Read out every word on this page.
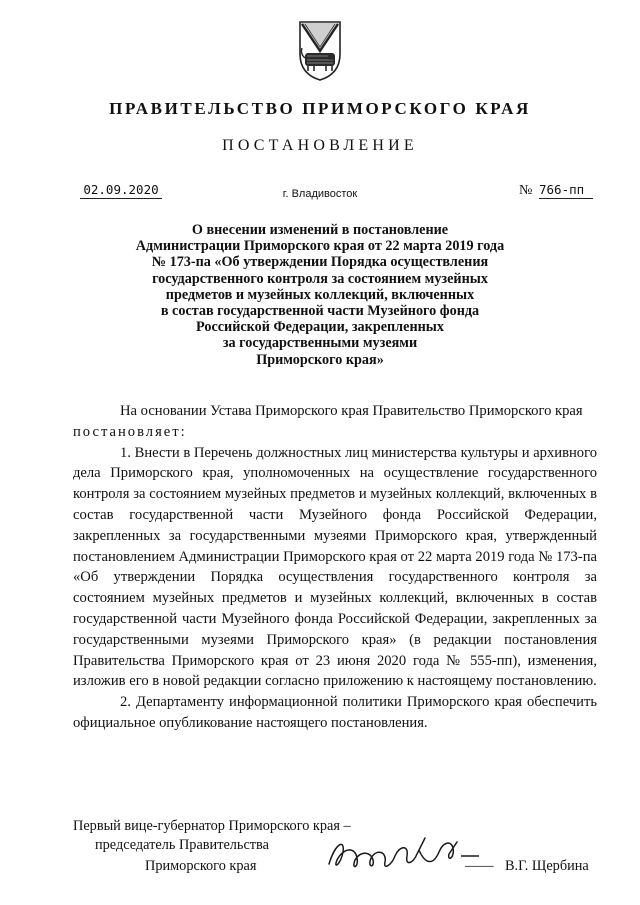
ПРАВИТЕЛЬСТВО ПРИМОРСКОГО КРАЯ
ПОСТАНОВЛЕНИЕ
02.09.2020	г. Владивосток	№ 766-пп
О внесении изменений в постановление
Администрации Приморского края от 22 марта 2019 года
№ 173-па «Об утверждении Порядка осуществления
государственного контроля за состоянием музейных
предметов и музейных коллекций, включенных
в состав государственной части Музейного фонда
Российской Федерации, закрепленных
за государственными музеями
Приморского края»

На основании Устава Приморского края Правительство Приморского края

постановляет:

1. Внести в Перечень должностных лиц министерства культуры и архивного дела Приморского края, уполномоченных на осуществление государственного контроля за состоянием музейных предметов и музейных коллекций, включенных в состав государственной части Музейного фонда Российской Федерации, закрепленных за государственными музеями Приморского края, утвержденный постановлением Администрации Приморского края от 22 марта 2019 года № 173-па «Об утверждении Порядка осуществления государственного контроля за состоянием музейных предметов и музейных коллекций, включенных в состав государственной части Музейного фонда Российской Федерации, закрепленных за государственными музеями Приморского края» (в редакции постановления Правительства Приморского края от 23 июня 2020 года № 555-пп), изменения, изложив его в новой редакции согласно приложению к настоящему постановлению.

2. Департаменту информационной политики Приморского края обеспечить официальное опубликование настоящего постановления.

Первый вице-губернатор Приморского края –
председатель Правительства
Приморского края	—— В.Г. Щербина
